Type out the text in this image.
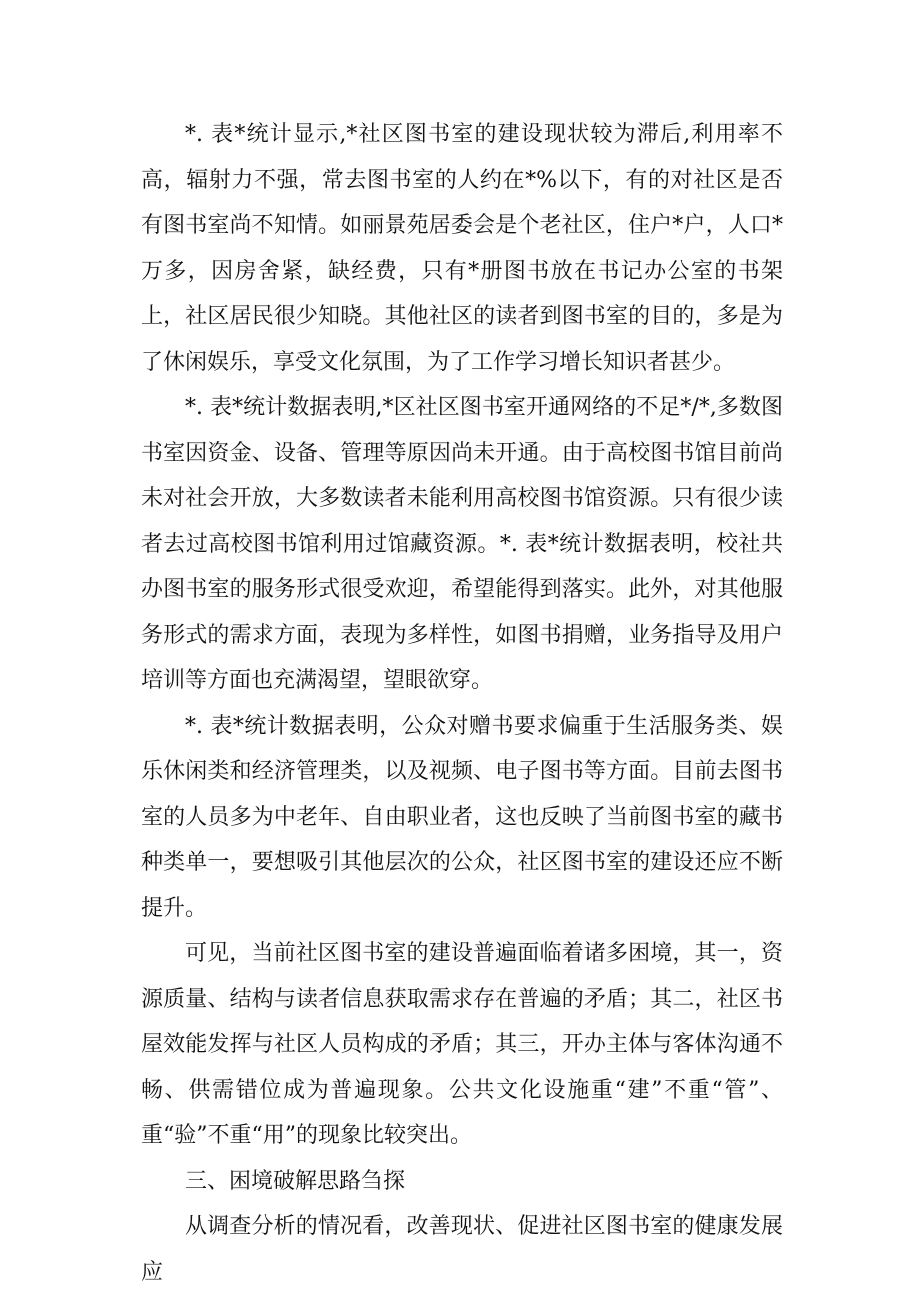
*. 表*统计显示,*社区图书室的建设现状较为滞后,利用率不高，辐射力不强，常去图书室的人约在*%以下，有的对社区是否有图书室尚不知情。如丽景苑居委会是个老社区，住户*户，人口*万多，因房舍紧，缺经费，只有*册图书放在书记办公室的书架上，社区居民很少知晓。其他社区的读者到图书室的目的，多是为了休闲娱乐，享受文化氛围，为了工作学习增长知识者甚少。

*. 表*统计数据表明,*区社区图书室开通网络的不足*/*,多数图书室因资金、设备、管理等原因尚未开通。由于高校图书馆目前尚未对社会开放，大多数读者未能利用高校图书馆资源。只有很少读者去过高校图书馆利用过馆藏资源。*. 表*统计数据表明，校社共办图书室的服务形式很受欢迎，希望能得到落实。此外，对其他服务形式的需求方面，表现为多样性，如图书捐赠，业务指导及用户培训等方面也充满渴望，望眼欲穿。

*. 表*统计数据表明，公众对赠书要求偏重于生活服务类、娱乐休闲类和经济管理类，以及视频、电子图书等方面。目前去图书室的人员多为中老年、自由职业者，这也反映了当前图书室的藏书种类单一，要想吸引其他层次的公众，社区图书室的建设还应不断提升。

可见，当前社区图书室的建设普遍面临着诸多困境，其一，资源质量、结构与读者信息获取需求存在普遍的矛盾；其二，社区书屋效能发挥与社区人员构成的矛盾；其三，开办主体与客体沟通不畅、供需错位成为普遍现象。公共文化设施重“建”不重“管”、重“验”不重“用”的现象比较突出。

三、困境破解思路刍探

从调查分析的情况看，改善现状、促进社区图书室的健康发展应
